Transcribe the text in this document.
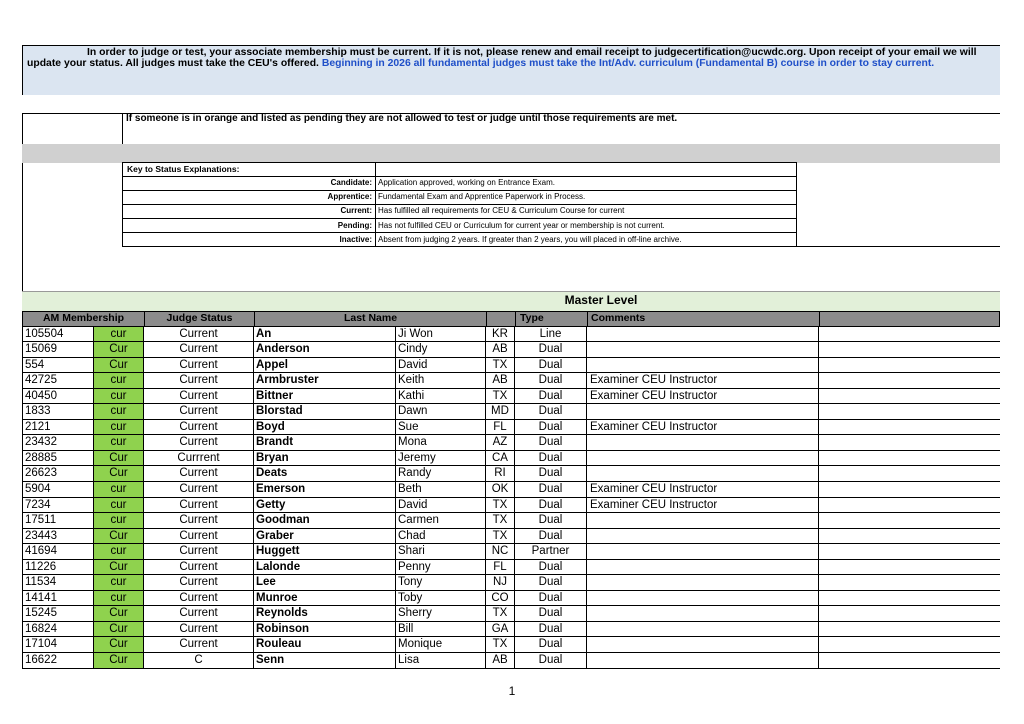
In order to judge or test, your associate membership must be current. If it is not, please renew and email receipt to judgecertification@ucwdc.org. Upon receipt of your email we will update your status. All judges must take the CEU's offered. Beginning in 2026 all fundamental judges must take the Int/Adv. curriculum (Fundamental B) course in order to stay current.
If someone is in orange and listed as pending they are not allowed to test or judge until those requirements are met.
Key to Status Explanations:
Candidate: Application approved, working on Entrance Exam.
Apprentice: Fundamental Exam and Apprentice Paperwork in Process.
Current: Has fulfilled all requirements for CEU & Curriculum Course for current
Pending: Has not fulfilled CEU or Curriculum for current year or membership is not current.
Inactive: Absent from judging 2 years. If greater than 2 years, you will placed in off-line archive.
Master Level
AM Membership	Judge Status	Last Name	Type	Comments
105504	cur	Current	An	Ji Won	KR	Line
15069	Cur	Current	Anderson	Cindy	AB	Dual
554	Cur	Current	Appel	David	TX	Dual
42725	cur	Current	Armbruster	Keith	AB	Dual	Examiner CEU Instructor
40450	cur	Current	Bittner	Kathi	TX	Dual	Examiner CEU Instructor
1833	cur	Current	Blorstad	Dawn	MD	Dual
2121	cur	Current	Boyd	Sue	FL	Dual	Examiner CEU Instructor
23432	cur	Current	Brandt	Mona	AZ	Dual
28885	Cur	Currrent	Bryan	Jeremy	CA	Dual
26623	Cur	Current	Deats	Randy	RI	Dual
5904	cur	Current	Emerson	Beth	OK	Dual	Examiner CEU Instructor
7234	cur	Current	Getty	David	TX	Dual	Examiner CEU Instructor
17511	cur	Current	Goodman	Carmen	TX	Dual
23443	Cur	Current	Graber	Chad	TX	Dual
41694	cur	Current	Huggett	Shari	NC	Partner
11226	Cur	Current	Lalonde	Penny	FL	Dual
11534	cur	Current	Lee	Tony	NJ	Dual
14141	cur	Current	Munroe	Toby	CO	Dual
15245	Cur	Current	Reynolds	Sherry	TX	Dual
16824	Cur	Current	Robinson	Bill	GA	Dual
17104	Cur	Current	Rouleau	Monique	TX	Dual
16622	Cur	C	Senn	Lisa	AB	Dual
1
